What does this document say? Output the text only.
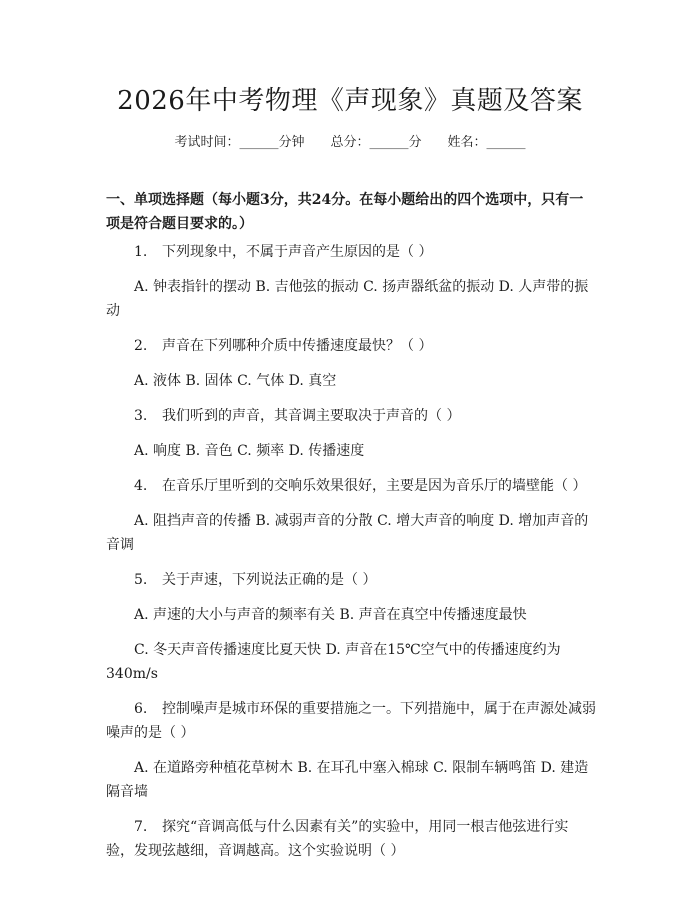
2026年中考物理《声现象》真题及答案
考试时间：______分钟 总分：______分 姓名：______
一、单项选择题（每小题3分，共24分。在每小题给出的四个选项中，只有一项是符合题目要求的。）

1. 下列现象中，不属于声音产生原因的是（ ）

A. 钟表指针的摆动 B. 吉他弦的振动 C. 扬声器纸盆的振动 D. 人声带的振动

2. 声音在下列哪种介质中传播速度最快？（ ）

A. 液体 B. 固体 C. 气体 D. 真空

3. 我们听到的声音，其音调主要取决于声音的（ ）

A. 响度 B. 音色 C. 频率 D. 传播速度

4. 在音乐厅里听到的交响乐效果很好，主要是因为音乐厅的墙壁能（ ）

A. 阻挡声音的传播 B. 减弱声音的分散 C. 增大声音的响度 D. 增加声音的音调

5. 关于声速，下列说法正确的是（ ）

A. 声速的大小与声音的频率有关 B. 声音在真空中传播速度最快

C. 冬天声音传播速度比夏天快 D. 声音在15℃空气中的传播速度约为340m/s

6. 控制噪声是城市环保的重要措施之一。下列措施中，属于在声源处减弱噪声的是（ ）

A. 在道路旁种植花草树木 B. 在耳孔中塞入棉球 C. 限制车辆鸣笛 D. 建造隔音墙

7. 探究“音调高低与什么因素有关”的实验中，用同一根吉他弦进行实验，发现弦越细，音调越高。这个实验说明（ ）
